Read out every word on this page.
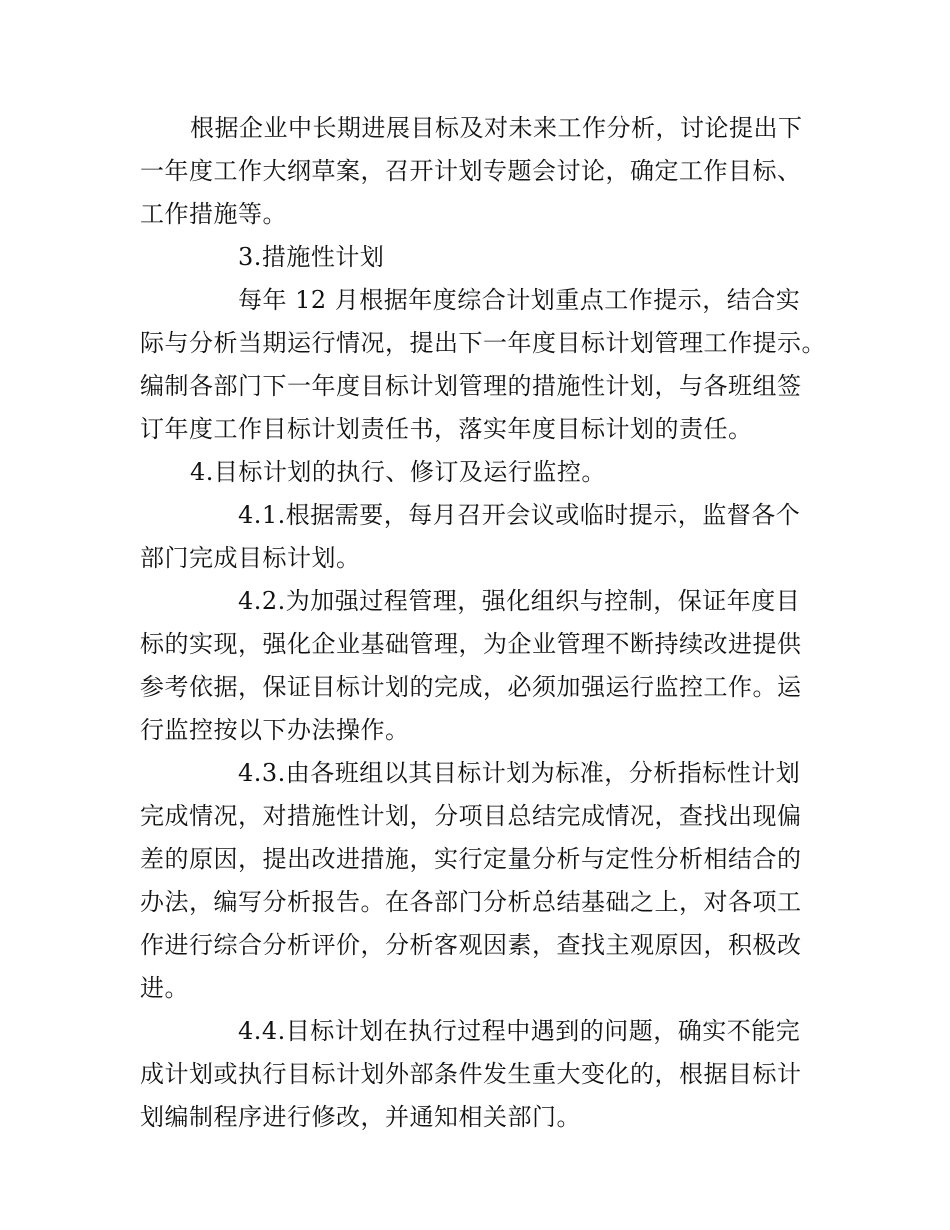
根据企业中长期进展目标及对未来工作分析，讨论提出下
一年度工作大纲草案，召开计划专题会讨论，确定工作目标、
工作措施等。
3.措施性计划
每年 12 月根据年度综合计划重点工作提示，结合实
际与分析当期运行情况，提出下一年度目标计划管理工作提示。
编制各部门下一年度目标计划管理的措施性计划，与各班组签
订年度工作目标计划责任书，落实年度目标计划的责任。
4.目标计划的执行、修订及运行监控。
4.1.根据需要，每月召开会议或临时提示，监督各个
部门完成目标计划。
4.2.为加强过程管理，强化组织与控制，保证年度目
标的实现，强化企业基础管理，为企业管理不断持续改进提供
参考依据，保证目标计划的完成，必须加强运行监控工作。运
行监控按以下办法操作。
4.3.由各班组以其目标计划为标准，分析指标性计划
完成情况，对措施性计划，分项目总结完成情况，查找出现偏
差的原因，提出改进措施，实行定量分析与定性分析相结合的
办法，编写分析报告。在各部门分析总结基础之上，对各项工
作进行综合分析评价，分析客观因素，查找主观原因，积极改
进。
4.4.目标计划在执行过程中遇到的问题，确实不能完
成计划或执行目标计划外部条件发生重大变化的，根据目标计
划编制程序进行修改，并通知相关部门。
